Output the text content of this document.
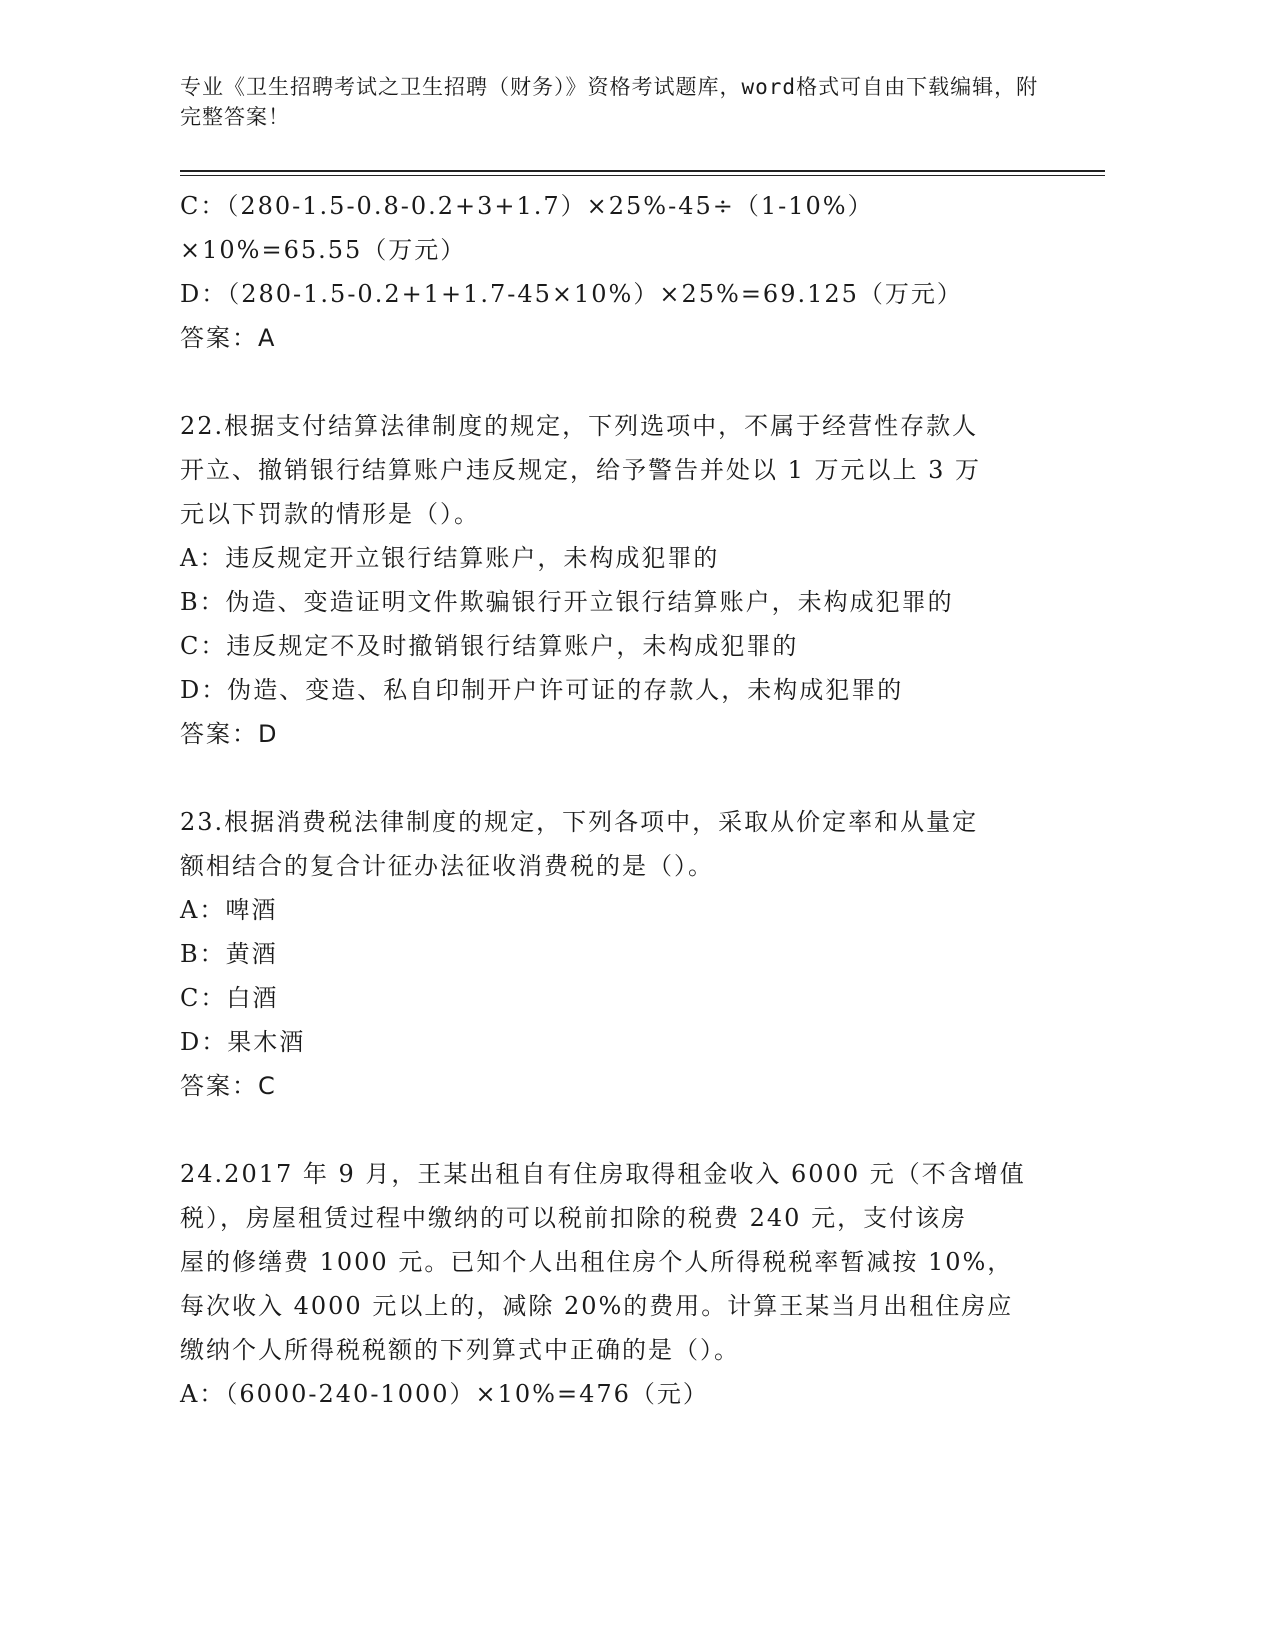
专业《卫生招聘考试之卫生招聘（财务）》资格考试题库，word格式可自由下载编辑，附完整答案！
C：（280-1.5-0.8-0.2+3+1.7）×25%-45÷（1-10%）×10%=65.55（万元）
D：（280-1.5-0.2+1+1.7-45×10%）×25%=69.125（万元）
答案：A
22.根据支付结算法律制度的规定，下列选项中，不属于经营性存款人
开立、撤销银行结算账户违反规定，给予警告并处以 1 万元以上 3 万
元以下罚款的情形是（）。
A：违反规定开立银行结算账户，未构成犯罪的
B：伪造、变造证明文件欺骗银行开立银行结算账户，未构成犯罪的
C：违反规定不及时撤销银行结算账户，未构成犯罪的
D：伪造、变造、私自印制开户许可证的存款人，未构成犯罪的
答案：D
23.根据消费税法律制度的规定，下列各项中，采取从价定率和从量定
额相结合的复合计征办法征收消费税的是（）。
A：啤酒
B：黄酒
C：白酒
D：果木酒
答案：C
24.2017 年 9 月，王某出租自有住房取得租金收入 6000 元（不含增值
税），房屋租赁过程中缴纳的可以税前扣除的税费 240 元，支付该房
屋的修缮费 1000 元。已知个人出租住房个人所得税税率暂减按 10%，
每次收入 4000 元以上的，减除 20%的费用。计算王某当月出租住房应
缴纳个人所得税税额的下列算式中正确的是（）。
A：（6000-240-1000）×10%=476（元）
